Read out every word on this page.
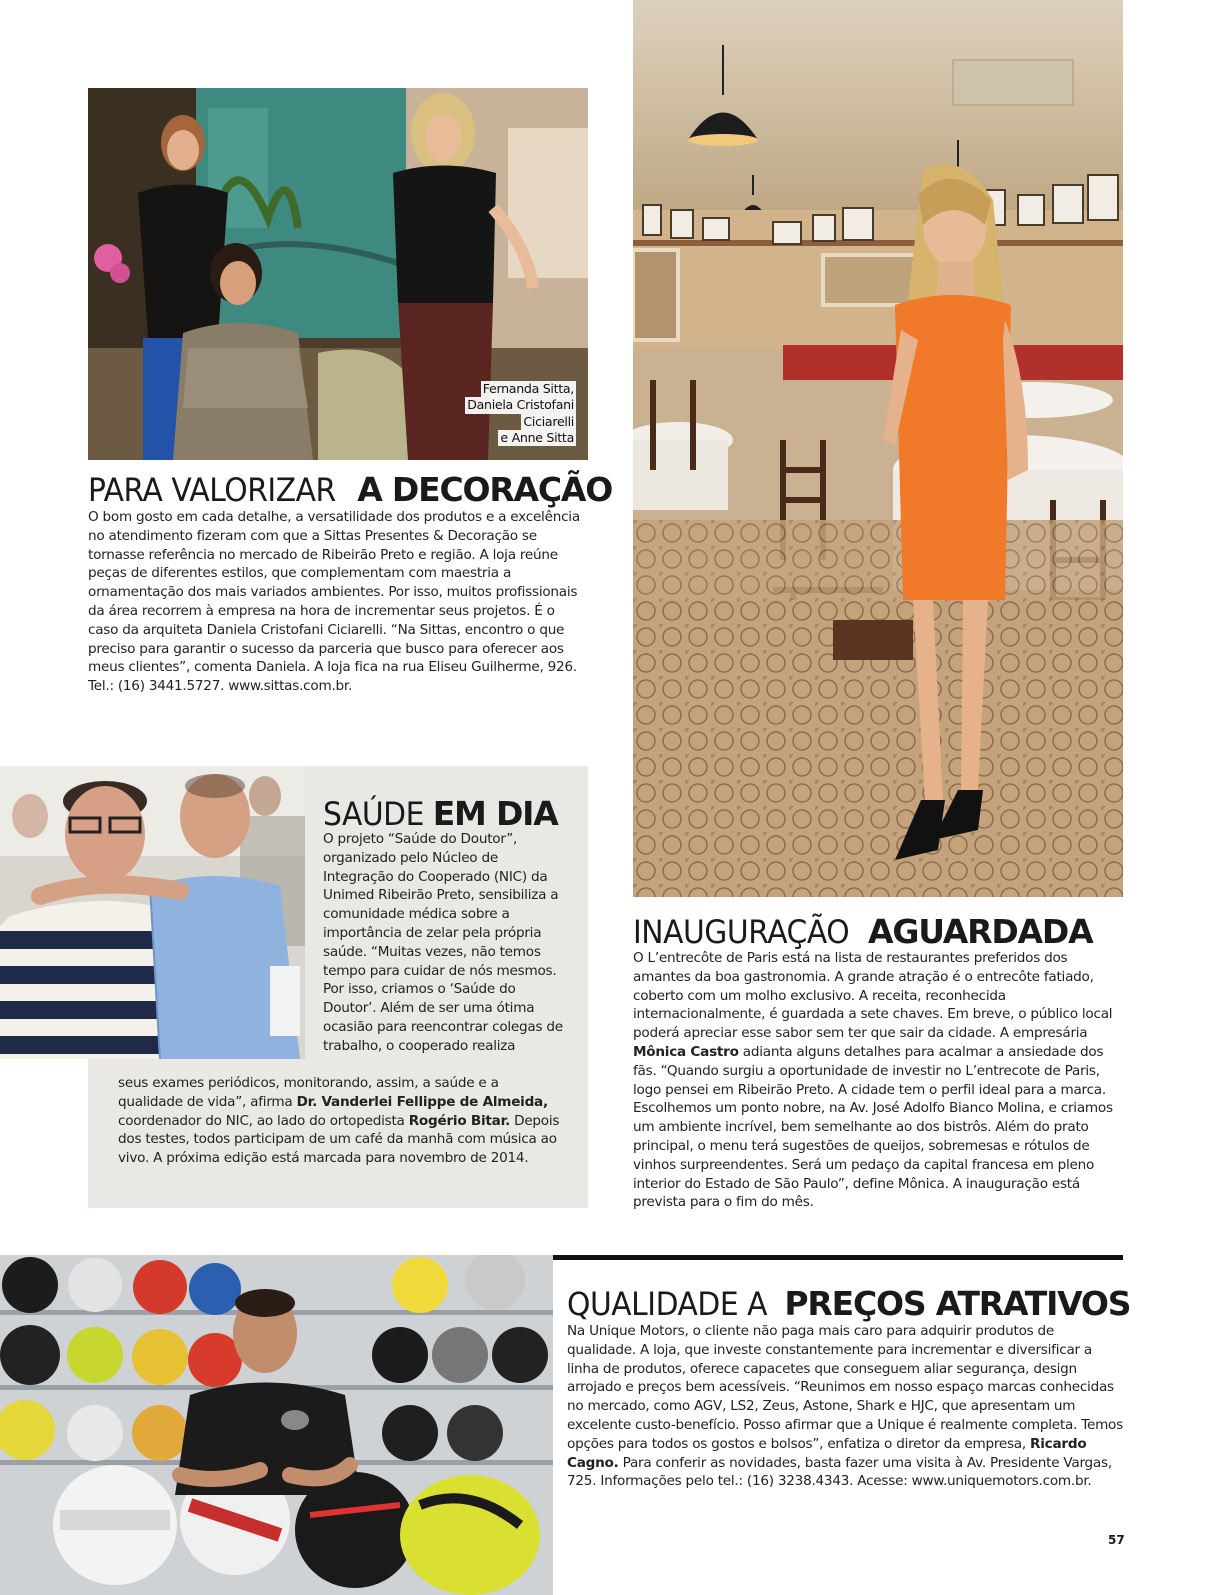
Fernanda Sitta,
Daniela Cristofani
Ciciarelli
e Anne Sitta
PARA VALORIZARA DECORAÇÃO

O bom gosto em cada detalhe, a versatilidade dos produtos e a excelência no atendimento fizeram com que a Sittas Presentes & Decoração se tornasse referência no mercado de Ribeirão Preto e região. A loja reúne peças de diferentes estilos, que complementam com maestria a ornamentação dos mais variados ambientes. Por isso, muitos profissionais da área recorrem à empresa na hora de incrementar seus projetos. É o caso da arquiteta Daniela Cristofani Ciciarelli. “Na Sittas, encontro o que preciso para garantir o sucesso da parceria que busco para oferecer aos meus clientes”, comenta Daniela. A loja fica na rua Eliseu Guilherme, 926. Tel.: (16) 3441.5727. www.sittas.com.br.

INAUGURAÇÃOAGUARDADA

O L’entrecôte de Paris está na lista de restaurantes preferidos dos amantes da boa gastronomia. A grande atração é o entrecôte fatiado, coberto com um molho exclusivo. A receita, reconhecida internacionalmente, é guardada a sete chaves. Em breve, o público local poderá apreciar esse sabor sem ter que sair da cidade. A empresária Mônica Castro adianta alguns detalhes para acalmar a ansiedade dos fãs. “Quando surgiu a oportunidade de investir no L’entrecote de Paris, logo pensei em Ribeirão Preto. A cidade tem o perfil ideal para a marca. Escolhemos um ponto nobre, na Av. José Adolfo Bianco Molina, e criamos um ambiente incrível, bem semelhante ao dos bistrôs. Além do prato principal, o menu terá sugestões de queijos, sobremesas e rótulos de vinhos surpreendentes. Será um pedaço da capital francesa em pleno interior do Estado de São Paulo”, define Mônica. A inauguração está prevista para o fim do mês.

SAÚDEEM DIA

O projeto “Saúde do Doutor”, organizado pelo Núcleo de Integração do Cooperado (NIC) da Unimed Ribeirão Preto, sensibiliza a comunidade médica sobre a importância de zelar pela própria saúde. “Muitas vezes, não temos tempo para cuidar de nós mesmos. Por isso, criamos o ‘Saúde do Doutor’. Além de ser uma ótima ocasião para reencontrar colegas de trabalho, o cooperado realiza

seus exames periódicos, monitorando, assim, a saúde e a qualidade de vida”, afirma Dr. Vanderlei Fellippe de Almeida, coordenador do NIC, ao lado do ortopedista Rogério Bitar. Depois dos testes, todos participam de um café da manhã com música ao vivo. A próxima edição está marcada para novembro de 2014.

QUALIDADE APREÇOS ATRATIVOS

Na Unique Motors, o cliente não paga mais caro para adquirir produtos de qualidade. A loja, que investe constantemente para incrementar e diversificar a linha de produtos, oferece capacetes que conseguem aliar segurança, design arrojado e preços bem acessíveis. “Reunimos em nosso espaço marcas conhecidas no mercado, como AGV, LS2, Zeus, Astone, Shark e HJC, que apresentam um excelente custo-benefício. Posso afirmar que a Unique é realmente completa. Temos opções para todos os gostos e bolsos”, enfatiza o diretor da empresa, Ricardo Cagno. Para conferir as novidades, basta fazer uma visita à Av. Presidente Vargas, 725. Informações pelo tel.: (16) 3238.4343. Acesse: www.uniquemotors.com.br.

57
